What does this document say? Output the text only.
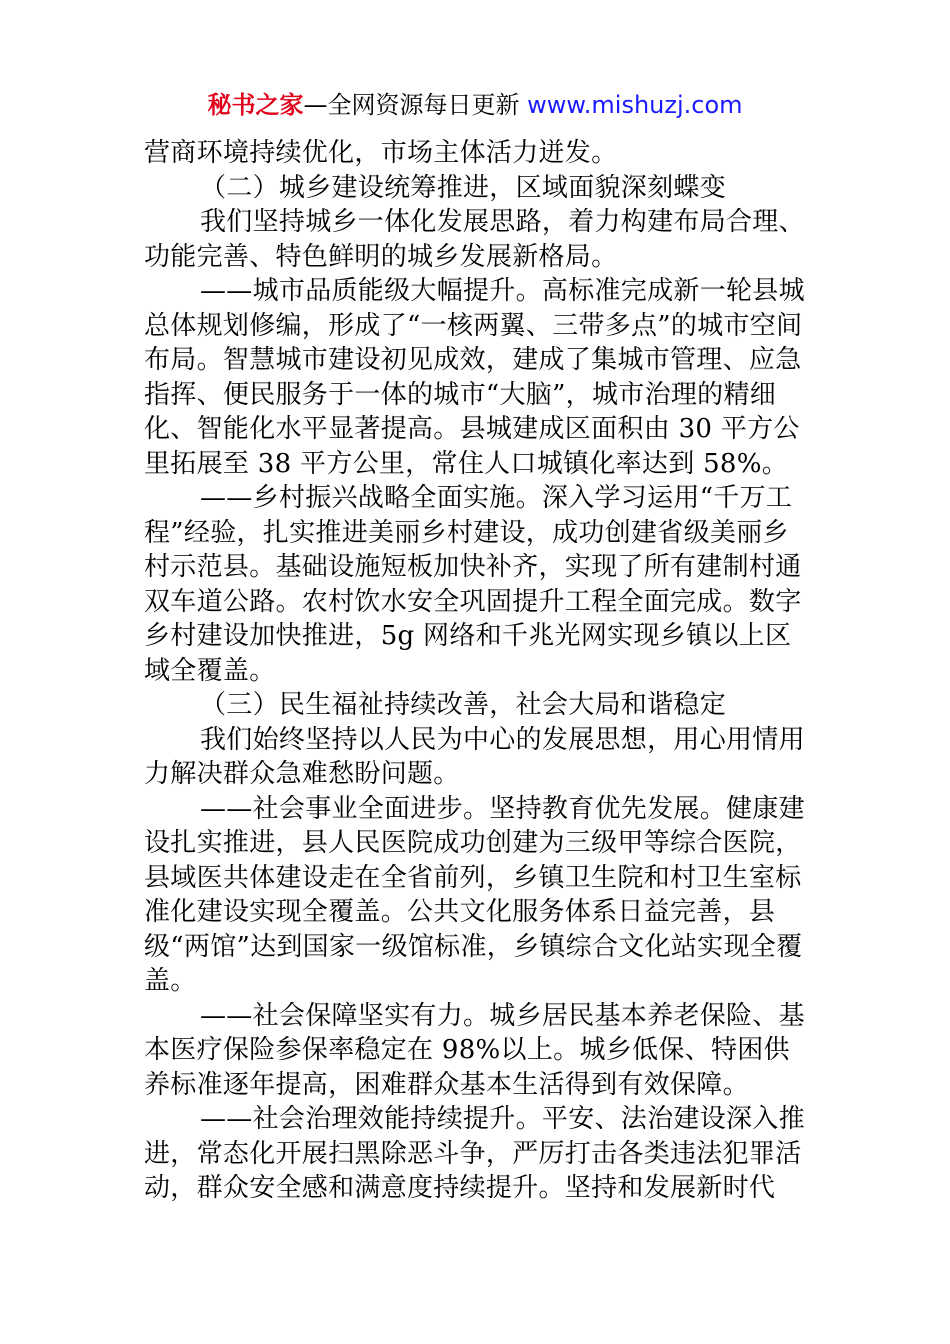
秘书之家—全网资源每日更新 www.mishuzj.com

营商环境持续优化，市场主体活力迸发。

（二）城乡建设统筹推进，区域面貌深刻蝶变

我们坚持城乡一体化发展思路，着力构建布局合理、功能完善、特色鲜明的城乡发展新格局。

——城市品质能级大幅提升。高标准完成新一轮县城总体规划修编，形成了“一核两翼、三带多点”的城市空间布局。智慧城市建设初见成效，建成了集城市管理、应急指挥、便民服务于一体的城市“大脑”，城市治理的精细化、智能化水平显著提高。县城建成区面积由 30 平方公里拓展至 38 平方公里，常住人口城镇化率达到 58%。

——乡村振兴战略全面实施。深入学习运用“千万工程”经验，扎实推进美丽乡村建设，成功创建省级美丽乡村示范县。基础设施短板加快补齐，实现了所有建制村通双车道公路。农村饮水安全巩固提升工程全面完成。数字乡村建设加快推进，5g 网络和千兆光网实现乡镇以上区域全覆盖。

（三）民生福祉持续改善，社会大局和谐稳定

我们始终坚持以人民为中心的发展思想，用心用情用力解决群众急难愁盼问题。

——社会事业全面进步。坚持教育优先发展。健康建设扎实推进，县人民医院成功创建为三级甲等综合医院，县域医共体建设走在全省前列，乡镇卫生院和村卫生室标准化建设实现全覆盖。公共文化服务体系日益完善，县级“两馆”达到国家一级馆标准，乡镇综合文化站实现全覆盖。

——社会保障坚实有力。城乡居民基本养老保险、基本医疗保险参保率稳定在 98%以上。城乡低保、特困供养标准逐年提高，困难群众基本生活得到有效保障。

——社会治理效能持续提升。平安、法治建设深入推进，常态化开展扫黑除恶斗争，严厉打击各类违法犯罪活动，群众安全感和满意度持续提升。坚持和发展新时代
